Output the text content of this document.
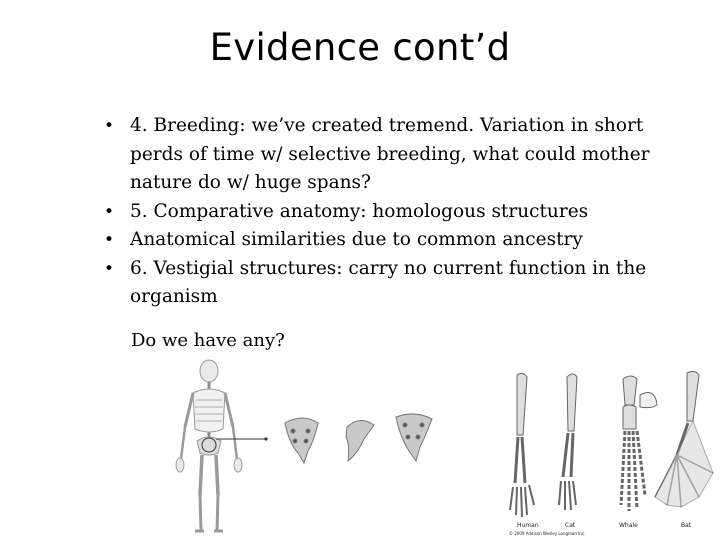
Evidence cont’d
• 4. Breeding: we’ve created tremend. Variation in short perds of time w/ selective breeding, what could mother nature do w/ huge spans?
• 5. Comparative anatomy: homologous structures
• Anatomical similarities due to common ancestry
• 6. Vestigial structures: carry no current function in the organism
Do we have any?
Human	Cat	Whale	Bat
© 2009 Addison Wesley Longman Inc.
